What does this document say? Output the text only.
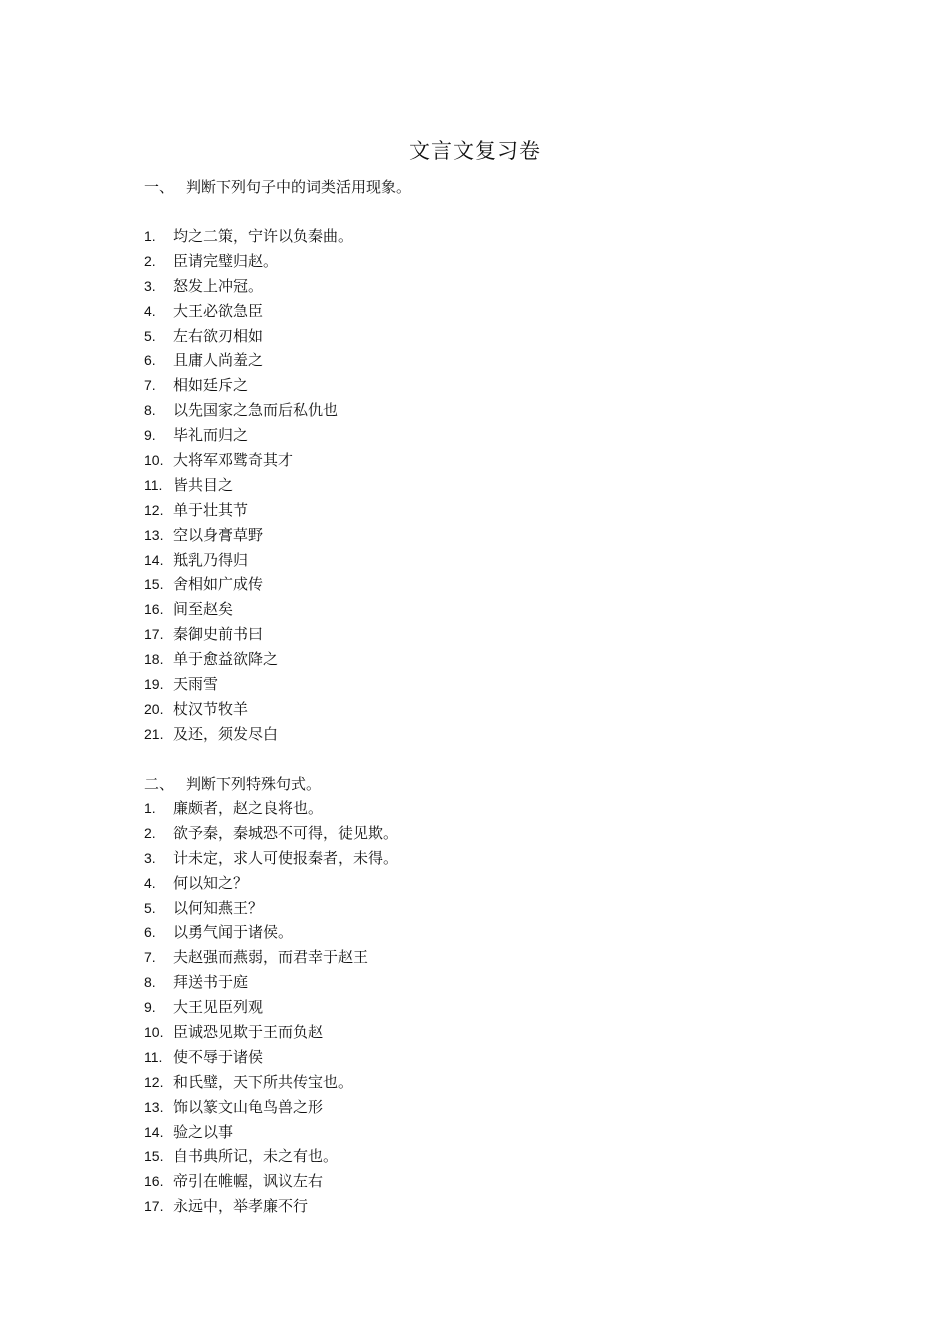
文言文复习卷
一、 判断下列句子中的词类活用现象。
1. 均之二策，宁许以负秦曲。
2. 臣请完璧归赵。
3. 怒发上冲冠。
4. 大王必欲急臣
5. 左右欲刃相如
6. 且庸人尚羞之
7. 相如廷斥之
8. 以先国家之急而后私仇也
9. 毕礼而归之
10. 大将军邓骘奇其才
11. 皆共目之
12. 单于壮其节
13. 空以身膏草野
14. 羝乳乃得归
15. 舍相如广成传
16. 间至赵矣
17. 秦御史前书曰
18. 单于愈益欲降之
19. 天雨雪
20. 杖汉节牧羊
21. 及还，须发尽白
二、 判断下列特殊句式。
1. 廉颇者，赵之良将也。
2. 欲予秦，秦城恐不可得，徒见欺。
3. 计未定，求人可使报秦者，未得。
4. 何以知之？
5. 以何知燕王？
6. 以勇气闻于诸侯。
7. 夫赵强而燕弱，而君幸于赵王
8. 拜送书于庭
9. 大王见臣列观
10. 臣诚恐见欺于王而负赵
11. 使不辱于诸侯
12. 和氏璧，天下所共传宝也。
13. 饰以篆文山龟鸟兽之形
14. 验之以事
15. 自书典所记，未之有也。
16. 帝引在帷幄，讽议左右
17. 永远中，举孝廉不行
